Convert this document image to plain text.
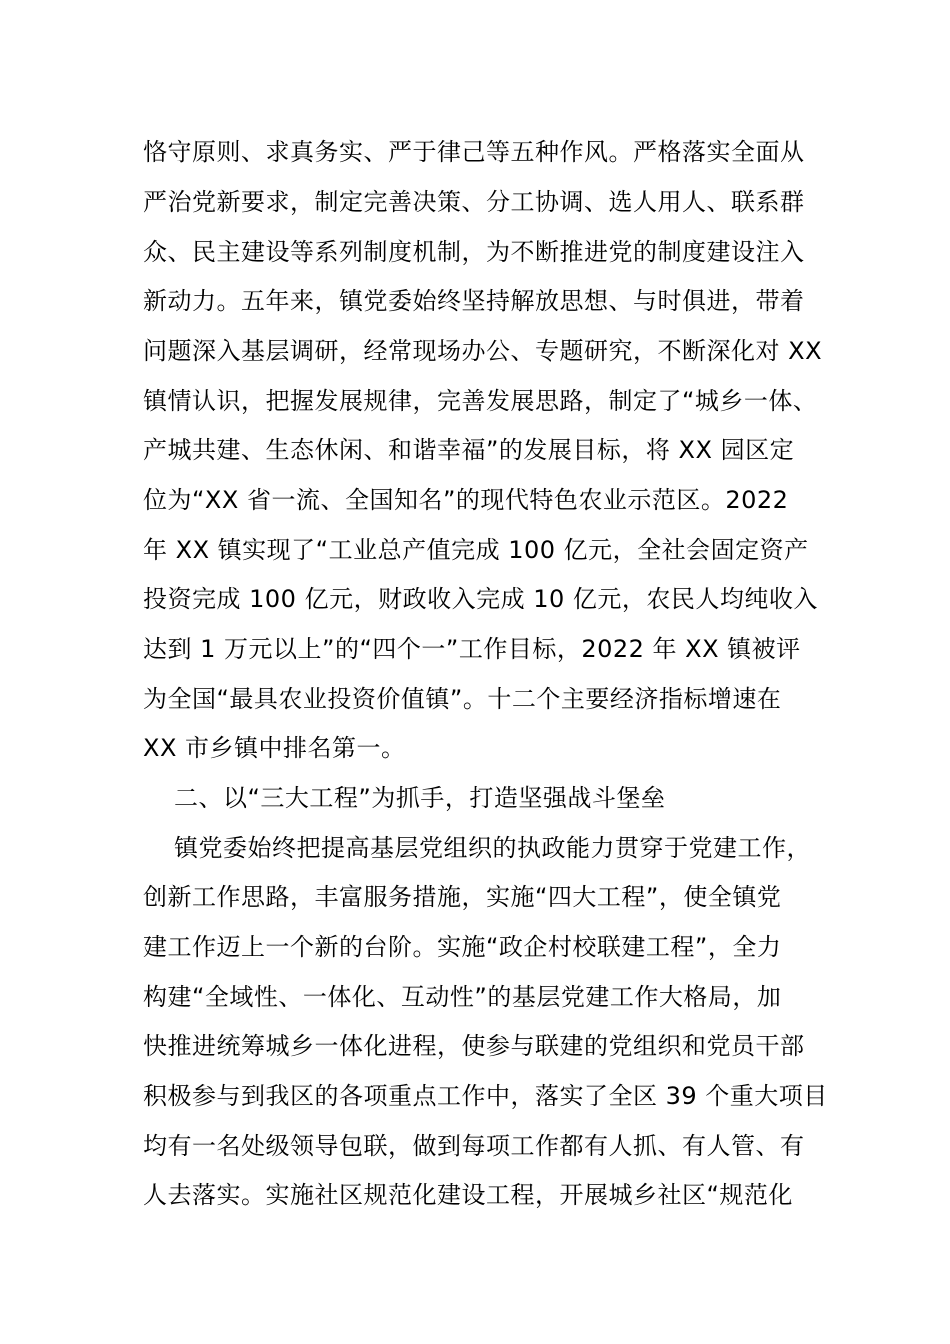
恪守原则、求真务实、严于律己等五种作风。严格落实全面从
严治党新要求，制定完善决策、分工协调、选人用人、联系群
众、民主建设等系列制度机制，为不断推进党的制度建设注入
新动力。五年来，镇党委始终坚持解放思想、与时俱进，带着
问题深入基层调研，经常现场办公、专题研究，不断深化对 XX
镇情认识，把握发展规律，完善发展思路，制定了“城乡一体、
产城共建、生态休闲、和谐幸福”的发展目标，将 XX 园区定
位为“XX 省一流、全国知名”的现代特色农业示范区。2022
年 XX 镇实现了“工业总产值完成 100 亿元，全社会固定资产
投资完成 100 亿元，财政收入完成 10 亿元，农民人均纯收入
达到 1 万元以上”的“四个一”工作目标，2022 年 XX 镇被评
为全国“最具农业投资价值镇”。十二个主要经济指标增速在
XX 市乡镇中排名第一。
二、以“三大工程”为抓手，打造坚强战斗堡垒
镇党委始终把提高基层党组织的执政能力贯穿于党建工作，
创新工作思路，丰富服务措施，实施“四大工程”，使全镇党
建工作迈上一个新的台阶。实施“政企村校联建工程”，全力
构建“全域性、一体化、互动性”的基层党建工作大格局，加
快推进统筹城乡一体化进程，使参与联建的党组织和党员干部
积极参与到我区的各项重点工作中，落实了全区 39 个重大项目
均有一名处级领导包联，做到每项工作都有人抓、有人管、有
人去落实。实施社区规范化建设工程，开展城乡社区“规范化
